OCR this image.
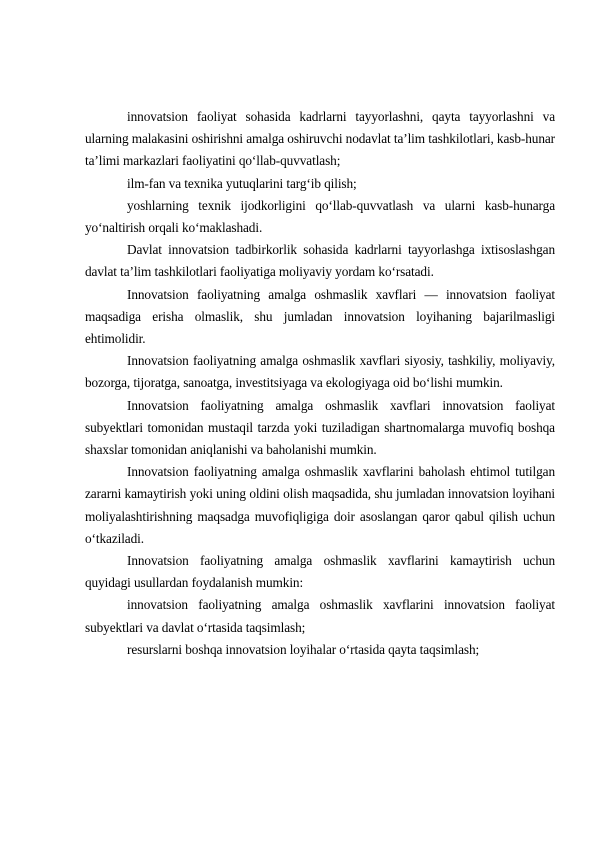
innovatsion faoliyat sohasida kadrlarni tayyorlashni, qayta tayyorlashni va ularning malakasini oshirishni amalga oshiruvchi nodavlat ta’lim tashkilotlari, kasb-hunar ta’limi markazlari faoliyatini qo‘llab-quvvatlash;

ilm-fan va texnika yutuqlarini targ‘ib qilish;

yoshlarning texnik ijodkorligini qo‘llab-quvvatlash va ularni kasb-hunarga yo‘naltirish orqali ko‘maklashadi.

Davlat innovatsion tadbirkorlik sohasida kadrlarni tayyorlashga ixtisoslashgan davlat ta’lim tashkilotlari faoliyatiga moliyaviy yordam ko‘rsatadi.

Innovatsion faoliyatning amalga oshmaslik xavflari — innovatsion faoliyat maqsadiga erisha olmaslik, shu jumladan innovatsion loyihaning bajarilmasligi ehtimolidir.

Innovatsion faoliyatning amalga oshmaslik xavflari siyosiy, tashkiliy, moliyaviy, bozorga, tijoratga, sanoatga, investitsiyaga va ekologiyaga oid bo‘lishi mumkin.

Innovatsion faoliyatning amalga oshmaslik xavflari innovatsion faoliyat subyektlari tomonidan mustaqil tarzda yoki tuziladigan shartnomalarga muvofiq boshqa shaxslar tomonidan aniqlanishi va baholanishi mumkin.

Innovatsion faoliyatning amalga oshmaslik xavflarini baholash ehtimol tutilgan zararni kamaytirish yoki uning oldini olish maqsadida, shu jumladan innovatsion loyihani moliyalashtirishning maqsadga muvofiqligiga doir asoslangan qaror qabul qilish uchun o‘tkaziladi.

Innovatsion faoliyatning amalga oshmaslik xavflarini kamaytirish uchun quyidagi usullardan foydalanish mumkin:

innovatsion faoliyatning amalga oshmaslik xavflarini innovatsion faoliyat subyektlari va davlat o‘rtasida taqsimlash;

resurslarni boshqa innovatsion loyihalar o‘rtasida qayta taqsimlash;
